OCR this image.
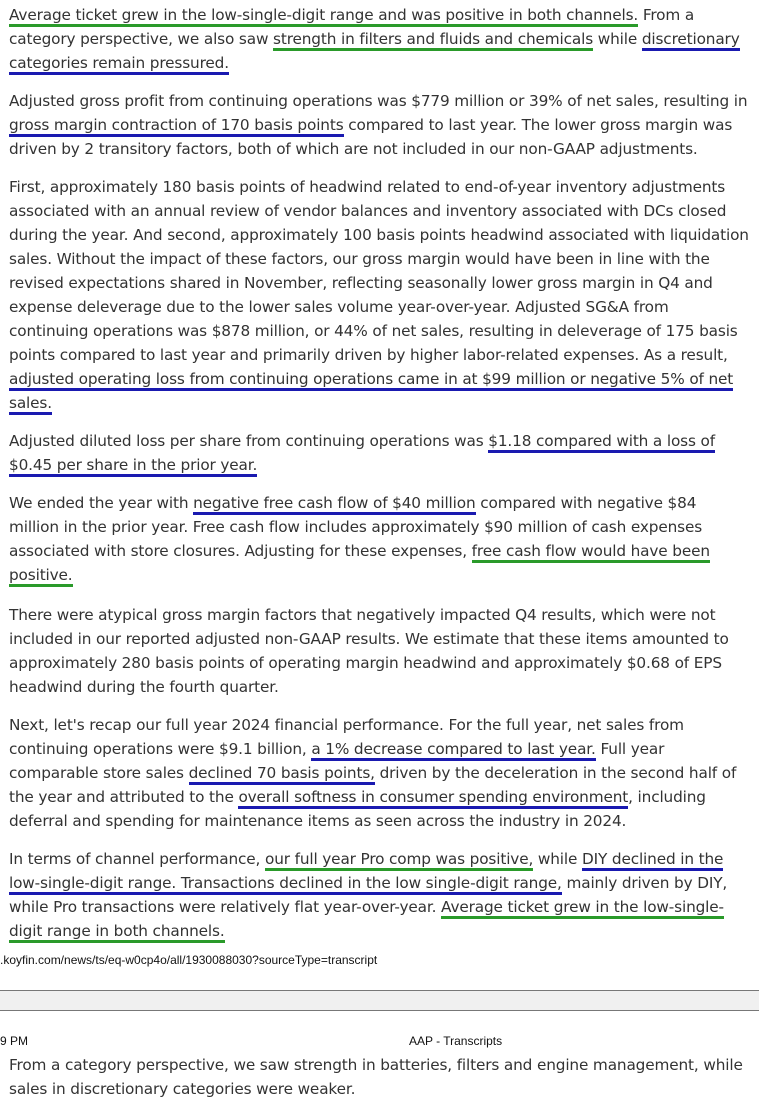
Average ticket grew in the low-single-digit range and was positive in both channels. From a category perspective, we also saw strength in filters and fluids and chemicals while discretionary categories remain pressured.
Adjusted gross profit from continuing operations was $779 million or 39% of net sales, resulting in gross margin contraction of 170 basis points compared to last year. The lower gross margin was driven by 2 transitory factors, both of which are not included in our non-GAAP adjustments.
First, approximately 180 basis points of headwind related to end-of-year inventory adjustments associated with an annual review of vendor balances and inventory associated with DCs closed during the year. And second, approximately 100 basis points headwind associated with liquidation sales. Without the impact of these factors, our gross margin would have been in line with the revised expectations shared in November, reflecting seasonally lower gross margin in Q4 and expense deleverage due to the lower sales volume year-over-year. Adjusted SG&A from continuing operations was $878 million, or 44% of net sales, resulting in deleverage of 175 basis points compared to last year and primarily driven by higher labor-related expenses. As a result, adjusted operating loss from continuing operations came in at $99 million or negative 5% of net sales.
Adjusted diluted loss per share from continuing operations was $1.18 compared with a loss of $0.45 per share in the prior year.
We ended the year with negative free cash flow of $40 million compared with negative $84 million in the prior year. Free cash flow includes approximately $90 million of cash expenses associated with store closures. Adjusting for these expenses, free cash flow would have been positive.
There were atypical gross margin factors that negatively impacted Q4 results, which were not included in our reported adjusted non-GAAP results. We estimate that these items amounted to approximately 280 basis points of operating margin headwind and approximately $0.68 of EPS headwind during the fourth quarter.
Next, let's recap our full year 2024 financial performance. For the full year, net sales from continuing operations were $9.1 billion, a 1% decrease compared to last year. Full year comparable store sales declined 70 basis points, driven by the deceleration in the second half of the year and attributed to the overall softness in consumer spending environment, including deferral and spending for maintenance items as seen across the industry in 2024.
In terms of channel performance, our full year Pro comp was positive, while DIY declined in the low-single-digit range. Transactions declined in the low single-digit range, mainly driven by DIY, while Pro transactions were relatively flat year-over-year. Average ticket grew in the low-single-digit range in both channels.
.koyfin.com/news/ts/eq-w0cp4o/all/1930088030?sourceType=transcript
9 PM	AAP - Transcripts
From a category perspective, we saw strength in batteries, filters and engine management, while sales in discretionary categories were weaker.
